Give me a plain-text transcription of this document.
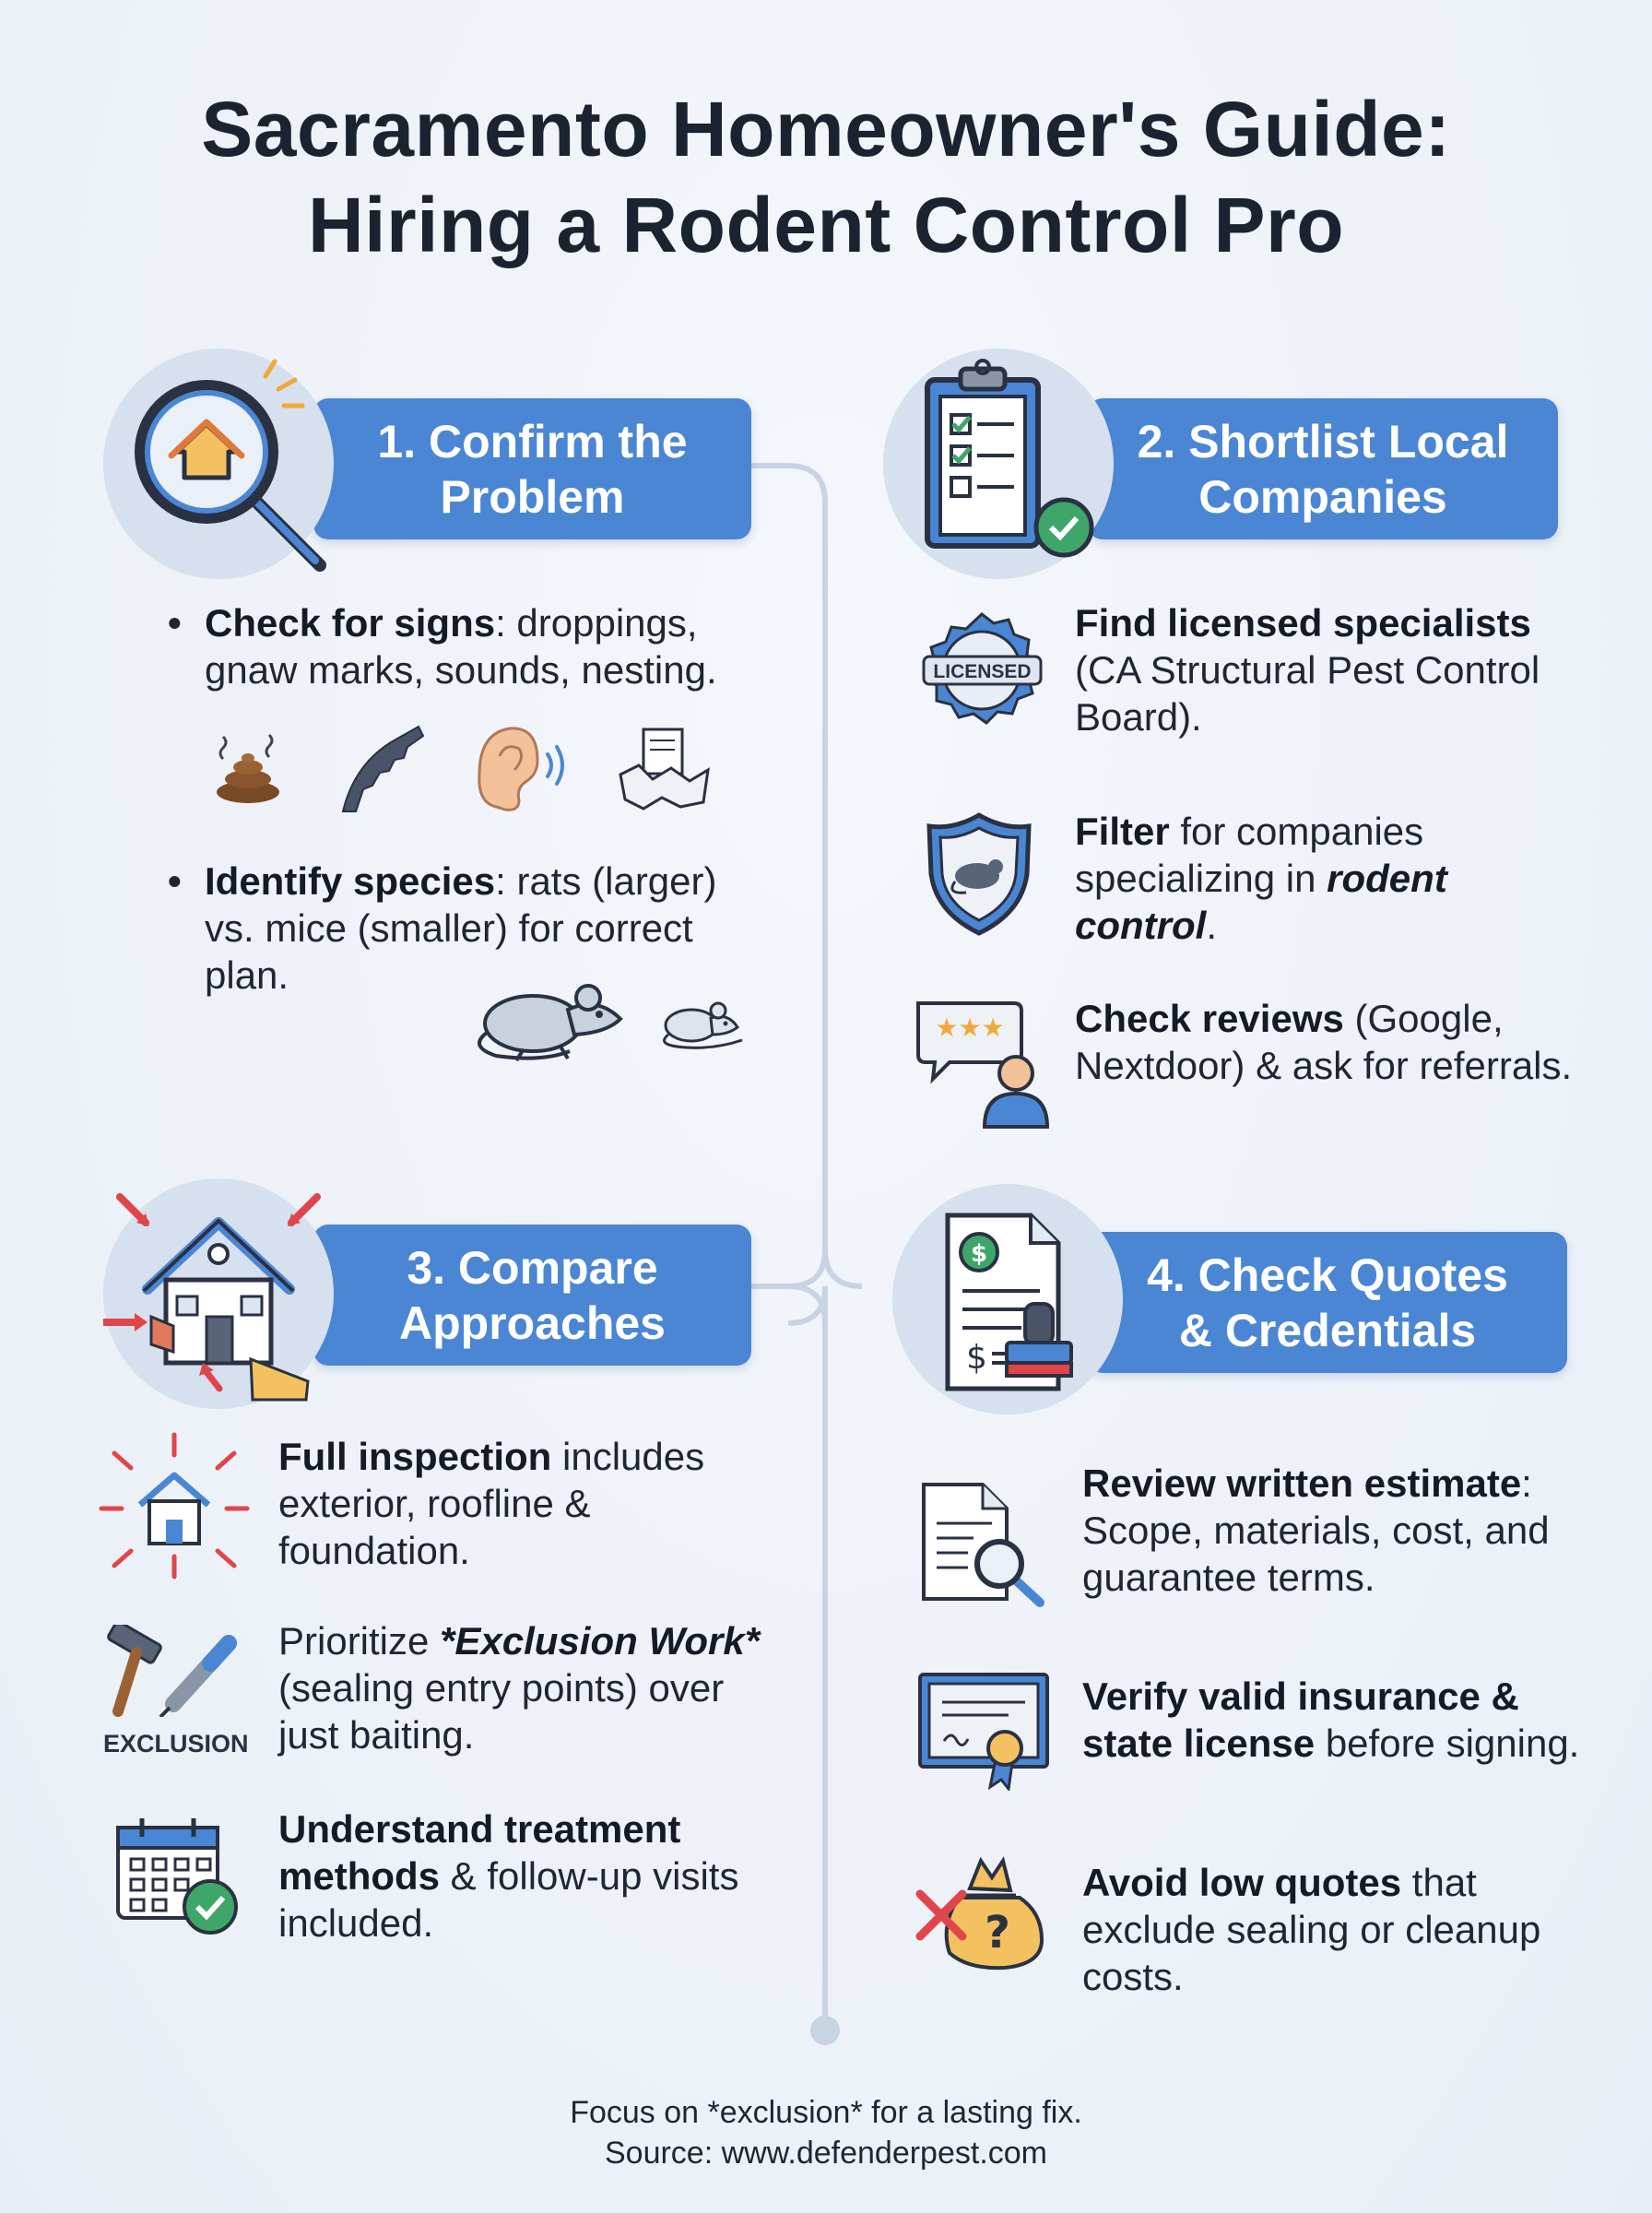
Sacramento Homeowner's Guide:
Hiring a Rodent Control Pro
1. Confirm the
Problem
• Check for signs: droppings, gnaw marks, sounds, nesting.
• Identify species: rats (larger) vs. mice (smaller) for correct plan.
2. Shortlist Local
Companies
LICENSED
Find licensed specialists (CA Structural Pest Control Board).
Filter for companies specializing in rodent control.
★★★ Check reviews (Google, Nextdoor) & ask for referrals.
3. Compare
Approaches
Full inspection includes exterior, roofline & foundation.
EXCLUSION
Prioritize *Exclusion Work* (sealing entry points) over just baiting.
Understand treatment methods & follow-up visits included.
4. Check Quotes
& Credentials
$
$
Review written estimate: Scope, materials, cost, and guarantee terms.
Verify valid insurance & state license before signing.
?
Avoid low quotes that exclude sealing or cleanup costs.
Focus on *exclusion* for a lasting fix.
Source: www.defenderpest.com
